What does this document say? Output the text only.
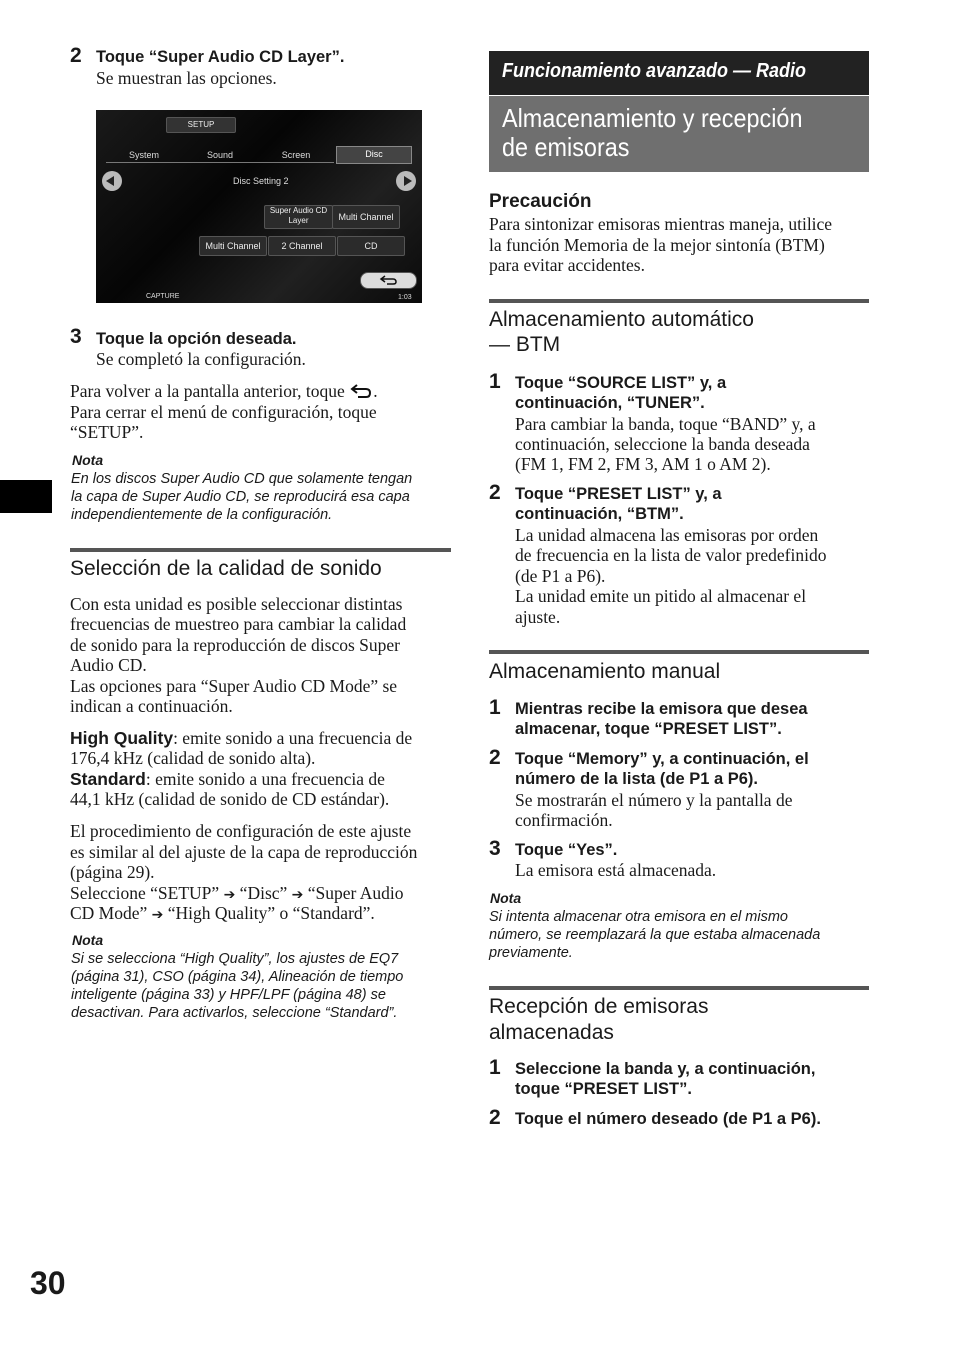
2 Toque “Super Audio CD Layer”.
Se muestran las opciones.
SETUP
System	Sound	Screen	Disc
Disc Setting 2
Super Audio CD Layer	Multi Channel
Multi Channel	2 Channel	CD
CAPTURE	1:03
3 Toque la opción deseada.
Se completó la configuración.
Para volver a la pantalla anterior, toque .
Para cerrar el menú de configuración, toque
“SETUP”.
Nota
En los discos Super Audio CD que solamente tengan
la capa de Super Audio CD, se reproducirá esa capa
independientemente de la configuración.
Selección de la calidad de sonido
Con esta unidad es posible seleccionar distintas
frecuencias de muestreo para cambiar la calidad
de sonido para la reproducción de discos Super
Audio CD.
Las opciones para “Super Audio CD Mode” se
indican a continuación.
High Quality: emite sonido a una frecuencia de
176,4 kHz (calidad de sonido alta).
Standard: emite sonido a una frecuencia de
44,1 kHz (calidad de sonido de CD estándar).
El procedimiento de configuración de este ajuste
es similar al del ajuste de la capa de reproducción
(página 29).
Seleccione “SETUP” ➔ “Disc” ➔ “Super Audio
CD Mode” ➔ “High Quality” o “Standard”.
Nota
Si se selecciona “High Quality”, los ajustes de EQ7
(página 31), CSO (página 34), Alineación de tiempo
inteligente (página 33) y HPF/LPF (página 48) se
desactivan. Para activarlos, seleccione “Standard”.
Funcionamiento avanzado — Radio
Almacenamiento y recepción
de emisoras
Precaución
Para sintonizar emisoras mientras maneja, utilice
la función Memoria de la mejor sintonía (BTM)
para evitar accidentes.
Almacenamiento automático
— BTM
1 Toque “SOURCE LIST” y, a
continuación, “TUNER”.
Para cambiar la banda, toque “BAND” y, a
continuación, seleccione la banda deseada
(FM 1, FM 2, FM 3, AM 1 o AM 2).
2 Toque “PRESET LIST” y, a
continuación, “BTM”.
La unidad almacena las emisoras por orden
de frecuencia en la lista de valor predefinido
(de P1 a P6).
La unidad emite un pitido al almacenar el
ajuste.
Almacenamiento manual
1 Mientras recibe la emisora que desea
almacenar, toque “PRESET LIST”.
2 Toque “Memory” y, a continuación, el
número de la lista (de P1 a P6).
Se mostrarán el número y la pantalla de
confirmación.
3 Toque “Yes”.
La emisora está almacenada.
Nota
Si intenta almacenar otra emisora en el mismo
número, se reemplazará la que estaba almacenada
previamente.
Recepción de emisoras
almacenadas
1 Seleccione la banda y, a continuación,
toque “PRESET LIST”.
2 Toque el número deseado (de P1 a P6).
30
